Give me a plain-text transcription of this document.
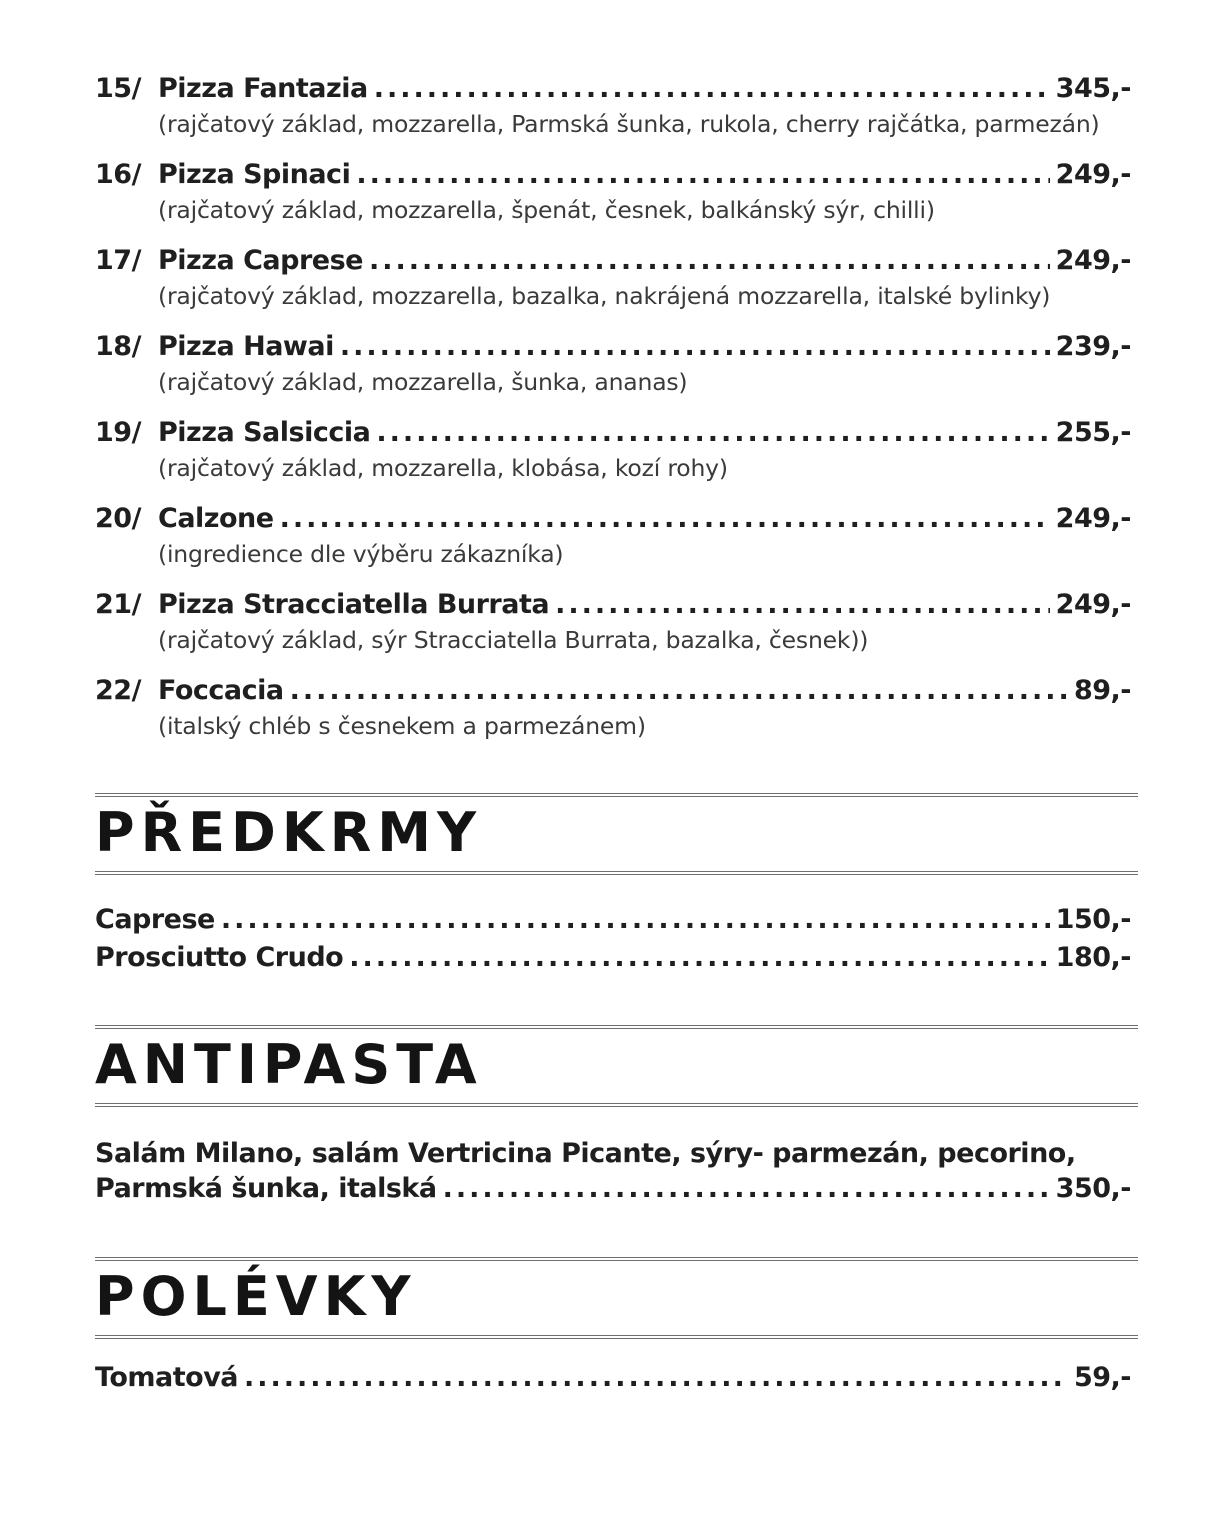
15/ Pizza Fantazia .....	345,-
(rajčatový základ, mozzarella, Parmská šunka, rukola, cherry rajčátka, parmezán)
16/ Pizza Spinaci .....	249,-
(rajčatový základ, mozzarella, špenát, česnek, balkánský sýr, chilli)
17/ Pizza Caprese .....	249,-
(rajčatový základ, mozzarella, bazalka, nakrájená mozzarella, italské bylinky)
18/ Pizza Hawai .....	239,-
(rajčatový základ, mozzarella, šunka, ananas)
19/ Pizza Salsiccia .....	255,-
(rajčatový základ, mozzarella, klobása, kozí rohy)
20/ Calzone .....	249,-
(ingredience dle výběru zákazníka)
21/ Pizza Stracciatella Burrata .....	249,-
(rajčatový základ, sýr Stracciatella Burrata, bazalka, česnek))
22/ Foccacia .....	89,-
(italský chléb s česnekem a parmezánem)
PŘEDKRMY
Caprese .....	150,-
Prosciutto Crudo .....	180,-
ANTIPASTA
Salám Milano, salám Vertricina Picante, sýry- parmezán, pecorino,
Parmská šunka, italská .....	350,-
POLÉVKY
Tomatová .....	59,-
